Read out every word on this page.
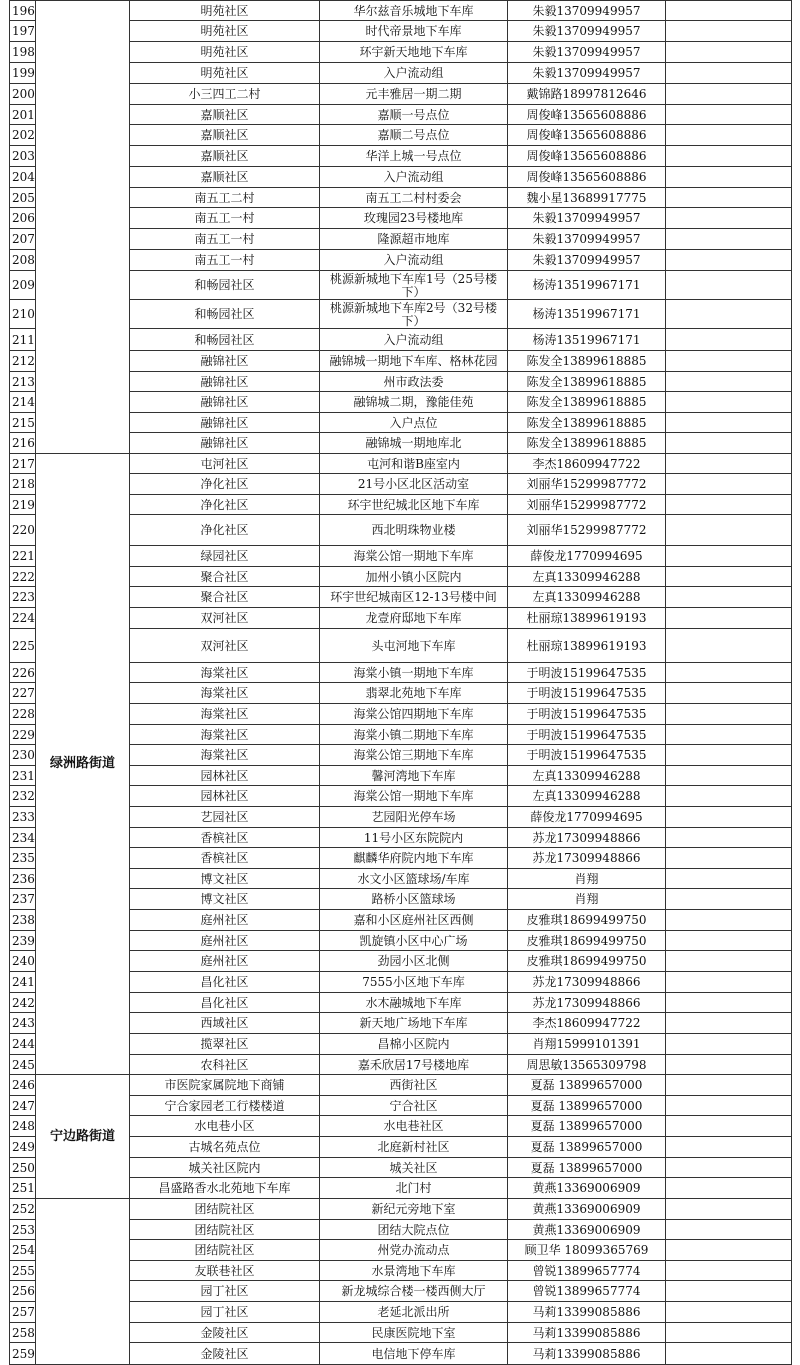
196		明苑社区	华尔兹音乐城地下车库	朱毅13709949957	
197		明苑社区	时代帝景地下车库	朱毅13709949957	
198		明苑社区	环宇新天地地下车库	朱毅13709949957	
199		明苑社区	入户流动组	朱毅13709949957	
200		小三四工二村	元丰雅居一期二期	戴锦路18997812646	
201		嘉顺社区	嘉顺一号点位	周俊峰13565608886	
202		嘉顺社区	嘉顺二号点位	周俊峰13565608886	
203		嘉顺社区	华洋上城一号点位	周俊峰13565608886	
204		嘉顺社区	入户流动组	周俊峰13565608886	
205		南五工二村	南五工二村村委会	魏小星13689917775	
206		南五工一村	玫瑰园23号楼地库	朱毅13709949957	
207		南五工一村	隆源超市地库	朱毅13709949957	
208		南五工一村	入户流动组	朱毅13709949957	
209		和畅园社区	桃源新城地下车库1号（25号楼下）	杨涛13519967171	
210		和畅园社区	桃源新城地下车库2号（32号楼下）	杨涛13519967171	
211		和畅园社区	入户流动组	杨涛13519967171	
212		融锦社区	融锦城一期地下车库、格林花园	陈发全13899618885	
213		融锦社区	州市政法委	陈发全13899618885	
214		融锦社区	融锦城二期，豫能佳苑	陈发全13899618885	
215		融锦社区	入户点位	陈发全13899618885	
216		融锦社区	融锦城一期地库北	陈发全13899618885	
217	绿洲路街道	屯河社区	屯河和谐B座室内	李杰18609947722	
218		净化社区	21号小区北区活动室	刘丽华15299987772	
219		净化社区	环宇世纪城北区地下车库	刘丽华15299987772	
220		净化社区	西北明珠物业楼	刘丽华15299987772	
221		绿园社区	海棠公馆一期地下车库	薛俊龙1770994695	
222		聚合社区	加州小镇小区院内	左真13309946288	
223		聚合社区	环宇世纪城南区12-13号楼中间	左真13309946288	
224		双河社区	龙壹府邸地下车库	杜丽琼13899619193	
225		双河社区	头屯河地下车库	杜丽琼13899619193	
226		海棠社区	海棠小镇一期地下车库	于明波15199647535	
227		海棠社区	翡翠北苑地下车库	于明波15199647535	
228		海棠社区	海棠公馆四期地下车库	于明波15199647535	
229		海棠社区	海棠小镇二期地下车库	于明波15199647535	
230		海棠社区	海棠公馆三期地下车库	于明波15199647535	
231		园林社区	馨河湾地下车库	左真13309946288	
232		园林社区	海棠公馆一期地下车库	左真13309946288	
233		艺园社区	艺园阳光停车场	薛俊龙1770994695	
234		香槟社区	11号小区东院院内	苏龙17309948866	
235		香槟社区	麒麟华府院内地下车库	苏龙17309948866	
236		博文社区	水文小区篮球场/车库	肖翔	
237		博文社区	路桥小区篮球场	肖翔	
238		庭州社区	嘉和小区庭州社区西侧	皮雅琪18699499750	
239		庭州社区	凯旋镇小区中心广场	皮雅琪18699499750	
240		庭州社区	劲园小区北侧	皮雅琪18699499750	
241		昌化社区	7555小区地下车库	苏龙17309948866	
242		昌化社区	水木融城地下车库	苏龙17309948866	
243		西域社区	新天地广场地下车库	李杰18609947722	
244		揽翠社区	昌棉小区院内	肖翔15999101391	
245		农科社区	嘉禾欣居17号楼地库	周思敏13565309798	
246	宁边路街道	市医院家属院地下商铺	西街社区	夏磊 13899657000	
247		宁合家园老工行楼楼道	宁合社区	夏磊 13899657000	
248		水电巷小区	水电巷社区	夏磊 13899657000	
249		古城名苑点位	北庭新村社区	夏磊 13899657000	
250		城关社区院内	城关社区	夏磊 13899657000	
251		昌盛路香水北苑地下车库	北门村	黄燕13369006909	
252		团结院社区	新纪元旁地下室	黄燕13369006909	
253		团结院社区	团结大院点位	黄燕13369006909	
254		团结院社区	州党办流动点	顾卫华 18099365769	
255		友联巷社区	水景湾地下车库	曾锐13899657774	
256		园丁社区	新龙城综合楼一楼西侧大厅	曾锐13899657774	
257		园丁社区	老延北派出所	马莉13399085886	
258		金陵社区	民康医院地下室	马莉13399085886	
259		金陵社区	电信地下停车库	马莉13399085886	
